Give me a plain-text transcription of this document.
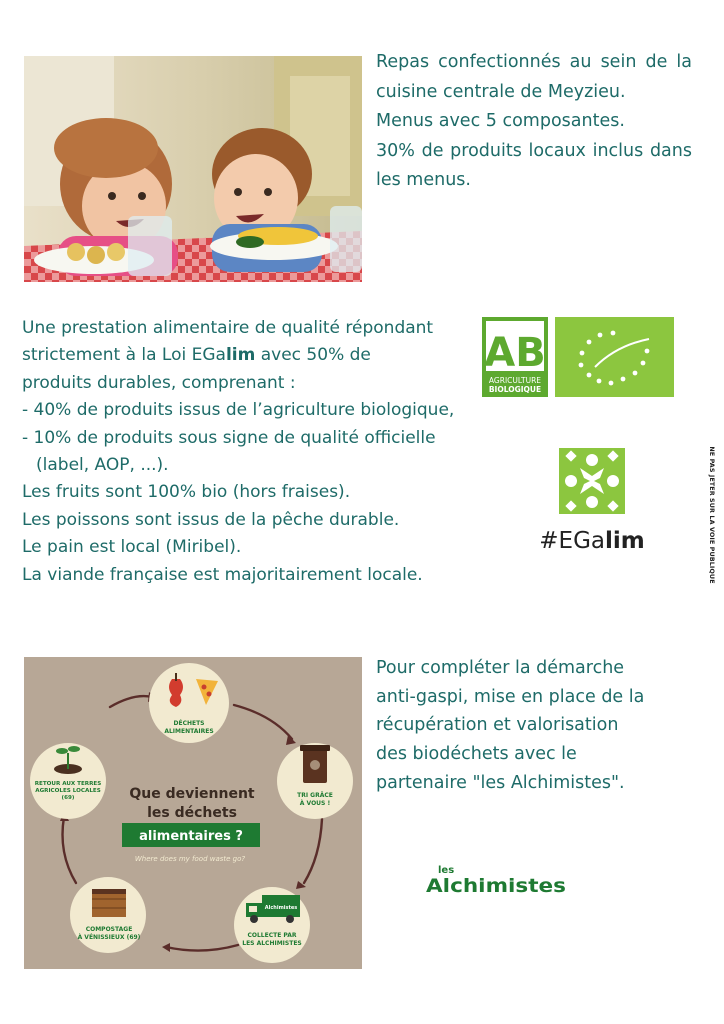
Repas confectionnés au sein de la cuisine centrale de Meyzieu.

Menus avec 5 composantes.

30% de produits locaux inclus dans les menus.

Une prestation alimentaire de qualité répondant

strictement à la Loi EGalim avec 50% de

produits durables, comprenant :

- 40% de produits issus de l’agriculture biologique,

- 10% de produits sous signe de qualité officielle (label, AOP, ...).

Les fruits sont 100% bio (hors fraises).

Les poissons sont issus de la pêche durable.

Le pain est local (Miribel).

La viande française est majoritairement locale.

AB
AGRICULTURE
BIOLOGIQUE
#EGalim	NE PAS JETER SUR LA VOIE PUBLIQUE
DÉCHETS
ALIMENTAIRES
TRI GRÂCE
À VOUS !
Alchimistes
COLLECTE PAR
LES ALCHIMISTES
COMPOSTAGE
À VÉNISSIEUX (69)
RETOUR AUX TERRES
AGRICOLES LOCALES
(69)	Que deviennent
les déchets
alimentaires ?
Where does my food waste go?

Pour compléter la démarche

anti-gaspi, mise en place de la

récupération et valorisation

des biodéchets avec le

partenaire "les Alchimistes".

les
Alchimistes
